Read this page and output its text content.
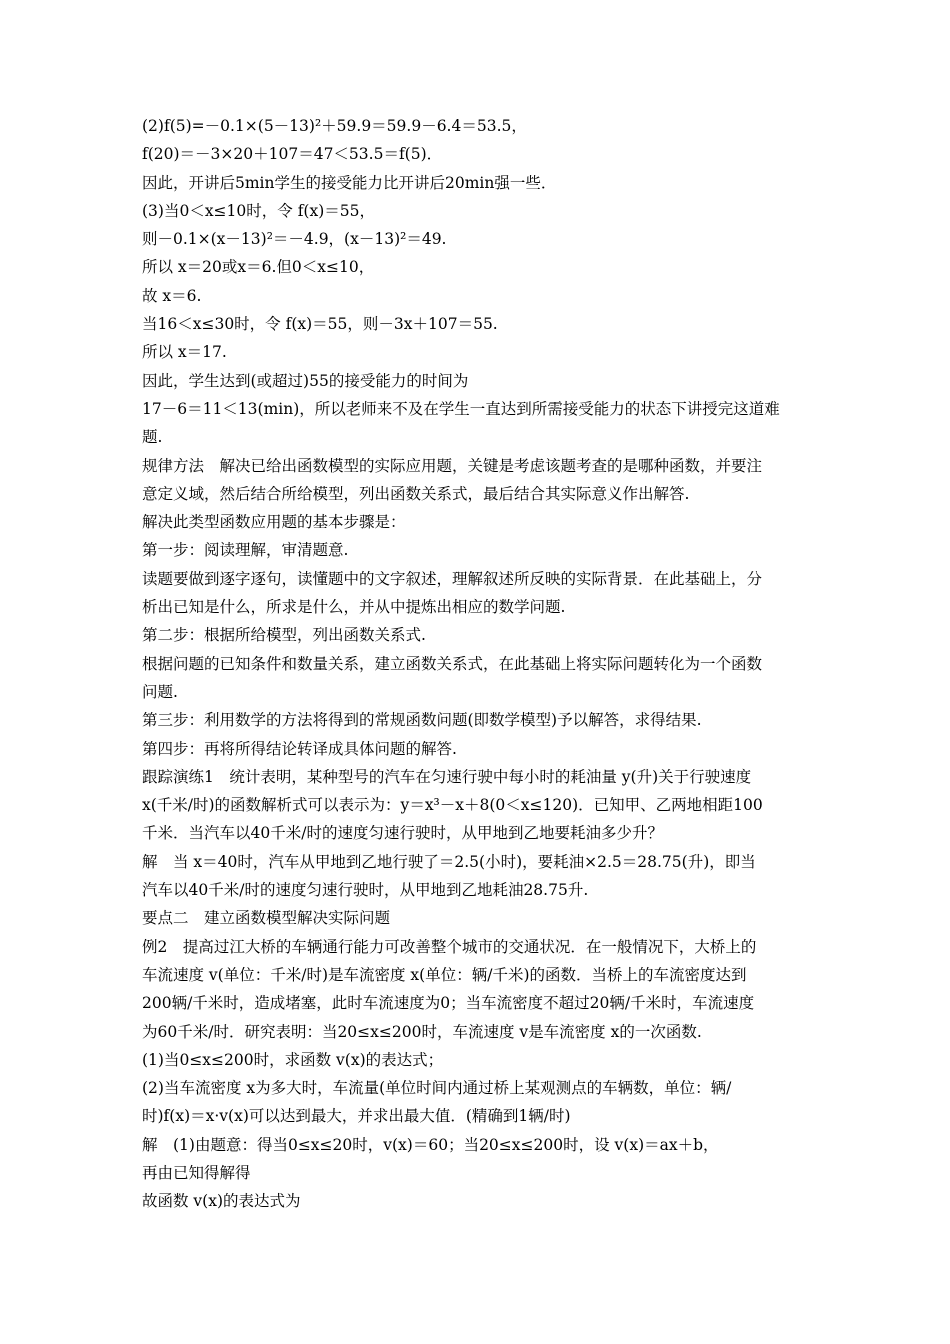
(2)f(5)=－0.1×(5－13)²＋59.9＝59.9－6.4＝53.5，
f(20)＝－3×20＋107＝47＜53.5＝f(5)．
因此，开讲后5min学生的接受能力比开讲后20min强一些．
(3)当0＜x≤10时，令 f(x)＝55，
则－0.1×(x－13)²＝－4.9，(x－13)²＝49.
所以 x＝20或x＝6.但0＜x≤10，
故 x＝6.
当16＜x≤30时，令 f(x)＝55，则－3x＋107＝55.
所以 x＝17.
因此，学生达到(或超过)55的接受能力的时间为
17－6＝11＜13(min)，所以老师来不及在学生一直达到所需接受能力的状态下讲授完这道难
题.
规律方法　解决已给出函数模型的实际应用题，关键是考虑该题考查的是哪种函数，并要注
意定义域，然后结合所给模型，列出函数关系式，最后结合其实际意义作出解答.
解决此类型函数应用题的基本步骤是：
第一步：阅读理解，审清题意.
读题要做到逐字逐句，读懂题中的文字叙述，理解叙述所反映的实际背景．在此基础上，分
析出已知是什么，所求是什么，并从中提炼出相应的数学问题.
第二步：根据所给模型，列出函数关系式.
根据问题的已知条件和数量关系，建立函数关系式，在此基础上将实际问题转化为一个函数
问题.
第三步：利用数学的方法将得到的常规函数问题(即数学模型)予以解答，求得结果.
第四步：再将所得结论转译成具体问题的解答.
跟踪演练1　统计表明，某种型号的汽车在匀速行驶中每小时的耗油量 y(升)关于行驶速度
x(千米/时)的函数解析式可以表示为：y＝x³－x＋8(0＜x≤120)．已知甲、乙两地相距100
千米．当汽车以40千米/时的速度匀速行驶时，从甲地到乙地要耗油多少升？
解　当 x＝40时，汽车从甲地到乙地行驶了＝2.5(小时)，要耗油×2.5＝28.75(升)，即当
汽车以40千米/时的速度匀速行驶时，从甲地到乙地耗油28.75升.
要点二　建立函数模型解决实际问题
例2　提高过江大桥的车辆通行能力可改善整个城市的交通状况．在一般情况下，大桥上的
车流速度 v(单位：千米/时)是车流密度 x(单位：辆/千米)的函数．当桥上的车流密度达到
200辆/千米时，造成堵塞，此时车流速度为0；当车流密度不超过20辆/千米时，车流速度
为60千米/时．研究表明：当20≤x≤200时，车流速度 v是车流密度 x的一次函数.
(1)当0≤x≤200时，求函数 v(x)的表达式；
(2)当车流密度 x为多大时，车流量(单位时间内通过桥上某观测点的车辆数，单位：辆/
时)f(x)＝x·v(x)可以达到最大，并求出最大值．(精确到1辆/时)
解　(1)由题意：得当0≤x≤20时，v(x)＝60；当20≤x≤200时，设 v(x)＝ax＋b，
再由已知得解得
故函数 v(x)的表达式为
